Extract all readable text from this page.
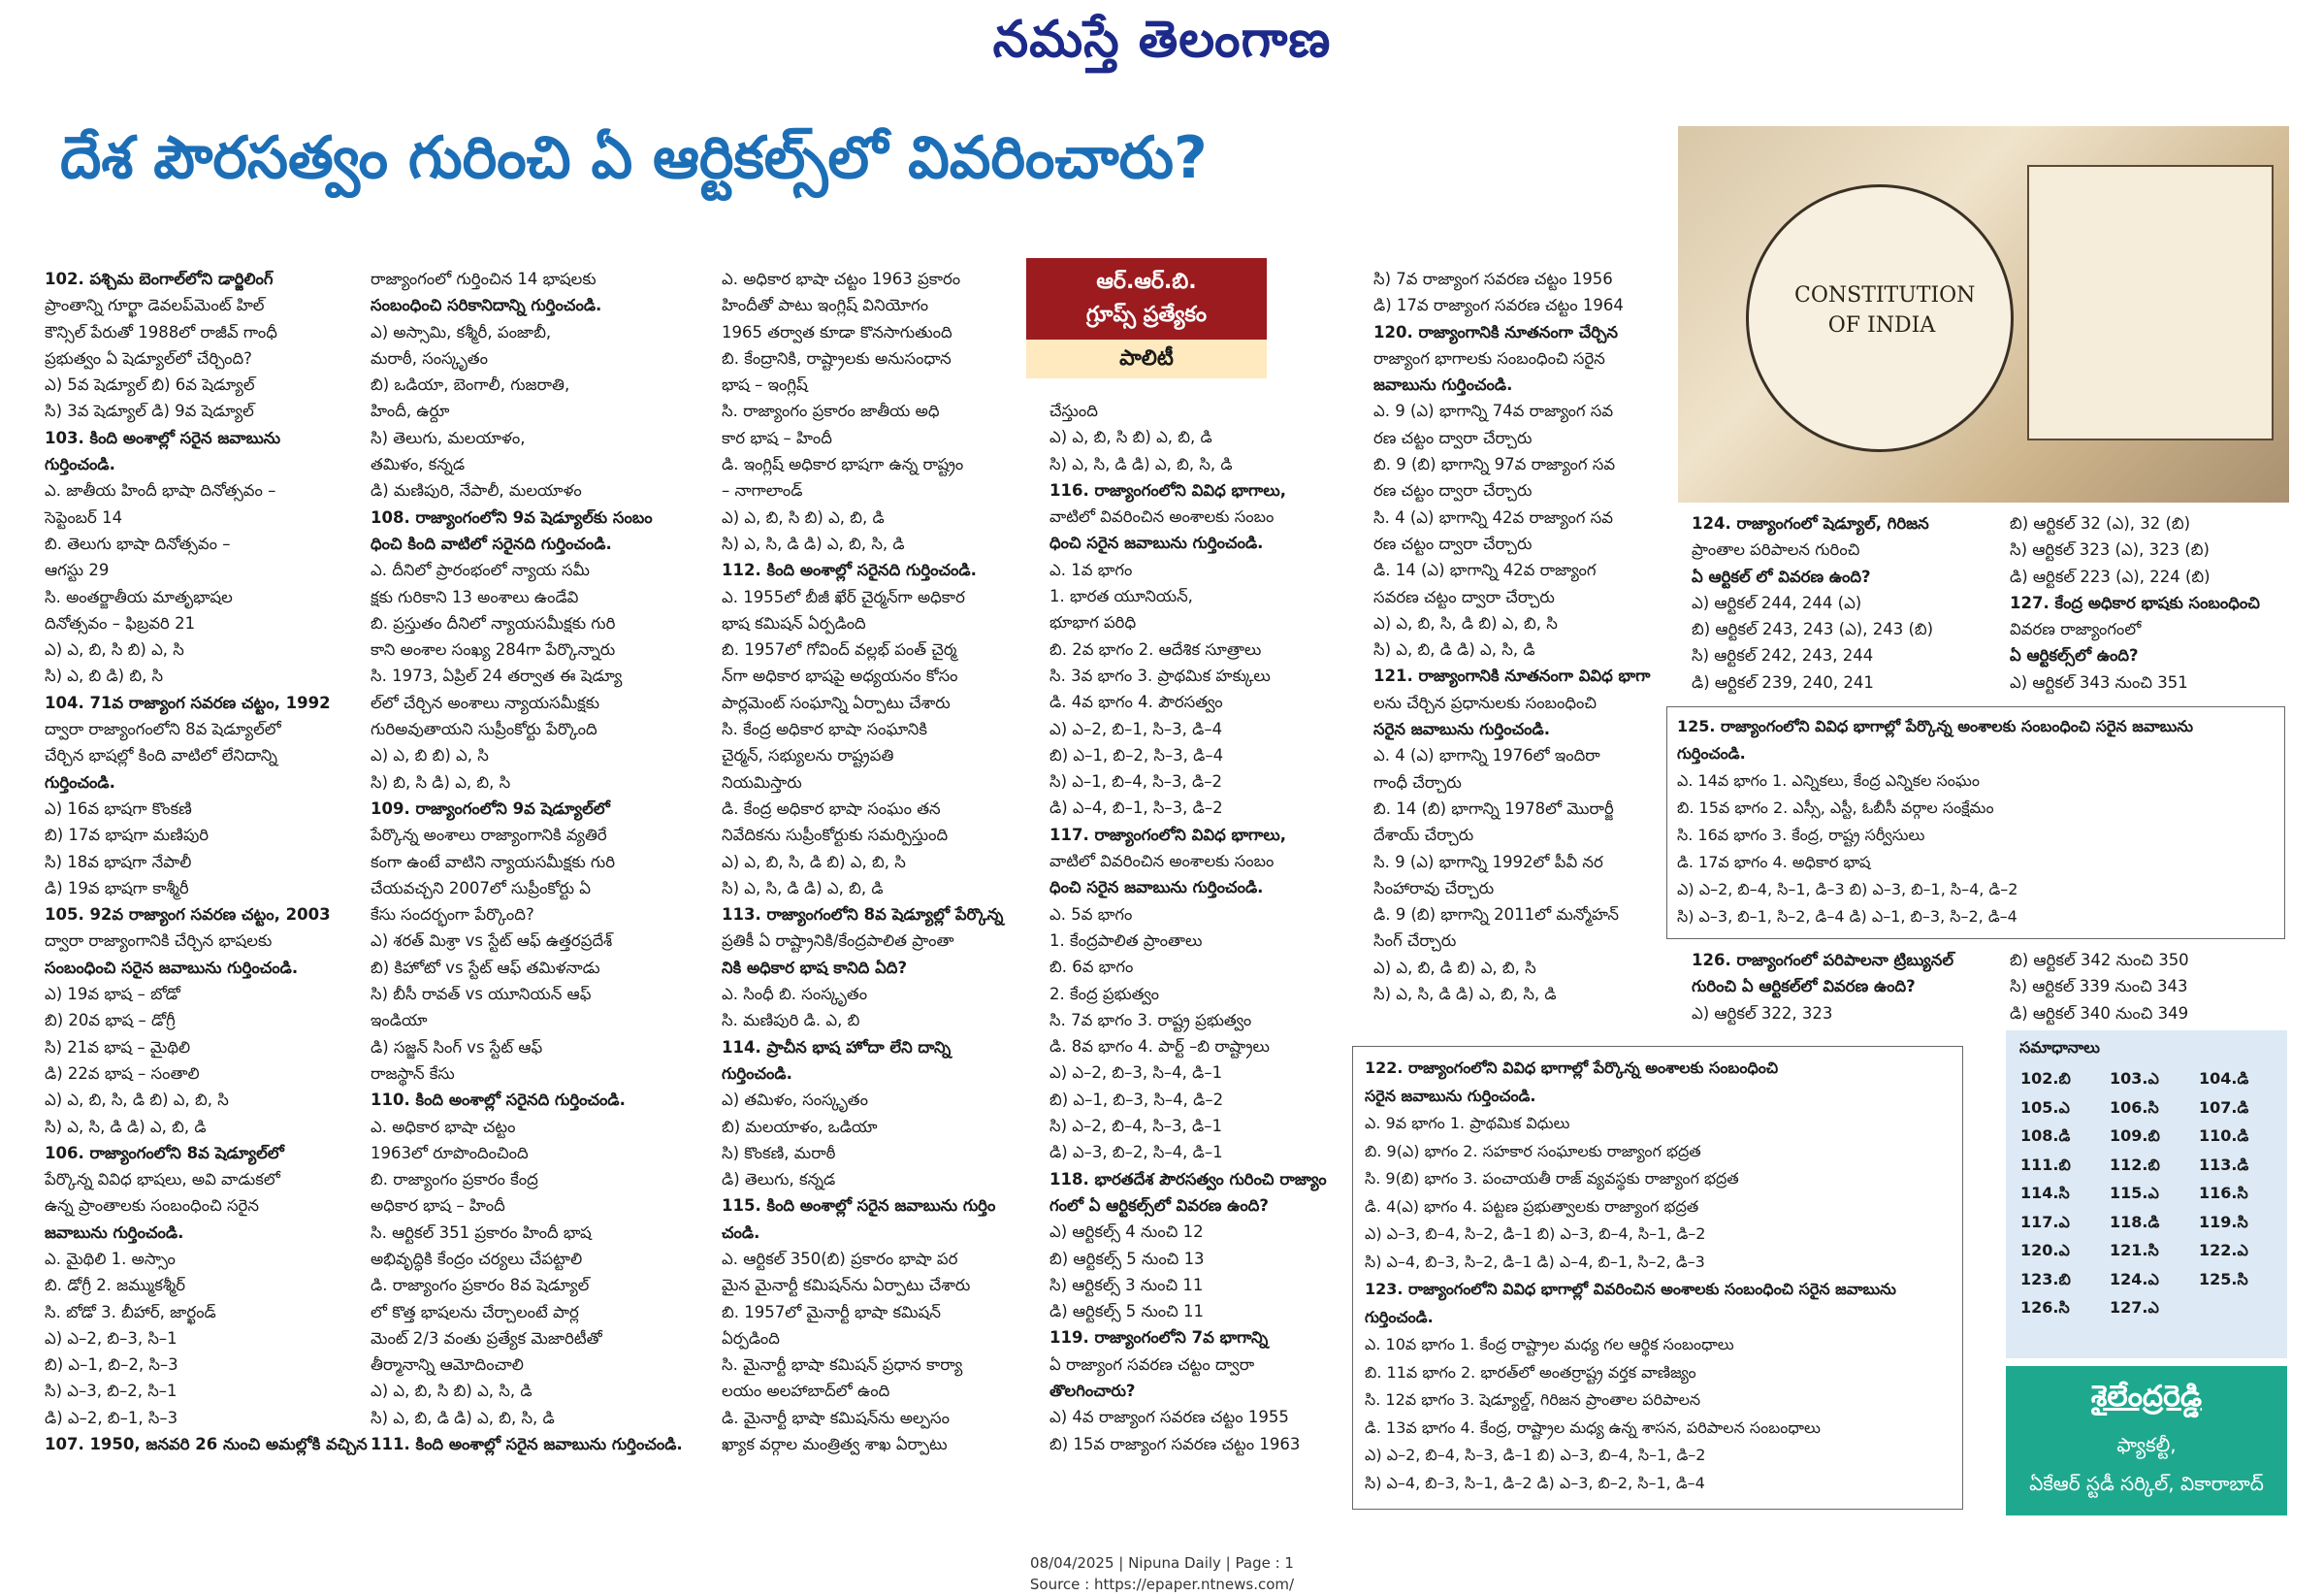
నమస్తే తెలంగాణ
దేశ పౌరసత్వం గురించి ఏ ఆర్టికల్స్‌లో వివరించారు?
CONSTITUTION OF INDIA
ఆర్.ఆర్.బి.
గ్రూప్స్ ప్రత్యేకం
పాలిటీ

102. పశ్చిమ బెంగాల్‌లోని డార్జిలింగ్

ప్రాంతాన్ని గూర్ఖా డెవలప్‌మెంట్ హిల్

కౌన్సిల్ పేరుతో 1988లో రాజీవ్ గాంధీ

ప్రభుత్వం ఏ షెడ్యూల్‌లో చేర్చింది?

ఎ) 5వ షెడ్యూల్ బి) 6వ షెడ్యూల్

సి) 3వ షెడ్యూల్ డి) 9వ షెడ్యూల్

103. కింది అంశాల్లో సరైన జవాబును

గుర్తించండి.

ఎ. జాతీయ హిందీ భాషా దినోత్సవం –

సెప్టెంబర్ 14

బి. తెలుగు భాషా దినోత్సవం –

ఆగస్టు 29

సి. అంతర్జాతీయ మాతృభాషల

దినోత్సవం – ఫిబ్రవరి 21

ఎ) ఎ, బి, సి బి) ఎ, సి

సి) ఎ, బి డి) బి, సి

104. 71వ రాజ్యాంగ సవరణ చట్టం, 1992

ద్వారా రాజ్యాంగంలోని 8వ షెడ్యూల్‌లో

చేర్చిన భాషల్లో కింది వాటిలో లేనిదాన్ని

గుర్తించండి.

ఎ) 16వ భాషగా కొంకణి

బి) 17వ భాషగా మణిపురి

సి) 18వ భాషగా నేపాలీ

డి) 19వ భాషగా కాశ్మీరీ

105. 92వ రాజ్యాంగ సవరణ చట్టం, 2003

ద్వారా రాజ్యాంగానికి చేర్చిన భాషలకు

సంబంధించి సరైన జవాబును గుర్తించండి.

ఎ) 19వ భాష – బోడో

బి) 20వ భాష – డోగ్రీ

సి) 21వ భాష – మైథిలి

డి) 22వ భాష – సంతాలి

ఎ) ఎ, బి, సి, డి బి) ఎ, బి, సి

సి) ఎ, సి, డి డి) ఎ, బి, డి

106. రాజ్యాంగంలోని 8వ షెడ్యూల్‌లో

పేర్కొన్న వివిధ భాషలు, అవి వాడుకలో

ఉన్న ప్రాంతాలకు సంబంధించి సరైన

జవాబును గుర్తించండి.

ఎ. మైథిలి 1. అస్సాం

బి. డోగ్రీ 2. జమ్ముకశ్మీర్

సి. బోడో 3. బీహార్, జార్ఖండ్

ఎ) ఎ–2, బి–3, సి–1

బి) ఎ–1, బి–2, సి–3

సి) ఎ–3, బి–2, సి–1

డి) ఎ–2, బి–1, సి–3

107. 1950, జనవరి 26 నుంచి అమల్లోకి వచ్చిన

రాజ్యాంగంలో గుర్తించిన 14 భాషలకు

సంబంధించి సరికానిదాన్ని గుర్తించండి.

ఎ) అస్సామి, కశ్మీరీ, పంజాబీ,

మరాఠీ, సంస్కృతం

బి) ఒడియా, బెంగాలీ, గుజరాతి,

హిందీ, ఉర్దూ

సి) తెలుగు, మలయాళం,

తమిళం, కన్నడ

డి) మణిపురి, నేపాలీ, మలయాళం

108. రాజ్యాంగంలోని 9వ షెడ్యూల్‌కు సంబం

ధించి కింది వాటిలో సరైనది గుర్తించండి.

ఎ. దీనిలో ప్రారంభంలో న్యాయ సమీ

క్షకు గురికాని 13 అంశాలు ఉండేవి

బి. ప్రస్తుతం దీనిలో న్యాయసమీక్షకు గురి

కాని అంశాల సంఖ్య 284గా పేర్కొన్నారు

సి. 1973, ఏప్రిల్ 24 తర్వాత ఈ షెడ్యూ

ల్‌లో చేర్చిన అంశాలు న్యాయసమీక్షకు

గురిఅవుతాయని సుప్రీంకోర్టు పేర్కొంది

ఎ) ఎ, బి బి) ఎ, సి

సి) బి, సి డి) ఎ, బి, సి

109. రాజ్యాంగంలోని 9వ షెడ్యూల్‌లో

పేర్కొన్న అంశాలు రాజ్యాంగానికి వ్యతిరే

కంగా ఉంటే వాటిని న్యాయసమీక్షకు గురి

చేయవచ్చని 2007లో సుప్రీంకోర్టు ఏ

కేసు సందర్భంగా పేర్కొంది?

ఎ) శరత్ మిశ్రా vs స్టేట్ ఆఫ్ ఉత్తరప్రదేశ్

బి) కిహోటో vs స్టేట్ ఆఫ్ తమిళనాడు

సి) బీసీ రావత్ vs యూనియన్ ఆఫ్

ఇండియా

డి) సజ్జన్ సింగ్ vs స్టేట్ ఆఫ్

రాజస్థాన్ కేసు

110. కింది అంశాల్లో సరైనది గుర్తించండి.

ఎ. అధికార భాషా చట్టం

1963లో రూపొందించింది

బి. రాజ్యాంగం ప్రకారం కేంద్ర

అధికార భాష – హిందీ

సి. ఆర్టికల్ 351 ప్రకారం హిందీ భాష

అభివృద్ధికి కేంద్రం చర్యలు చేపట్టాలి

డి. రాజ్యాంగం ప్రకారం 8వ షెడ్యూల్

లో కొత్త భాషలను చేర్చాలంటే పార్ల

మెంట్ 2/3 వంతు ప్రత్యేక మెజారిటీతో

తీర్మానాన్ని ఆమోదించాలి

ఎ) ఎ, బి, సి బి) ఎ, సి, డి

సి) ఎ, బి, డి డి) ఎ, బి, సి, డి

111. కింది అంశాల్లో సరైన జవాబును గుర్తించండి.

ఎ. అధికార భాషా చట్టం 1963 ప్రకారం

హిందీతో పాటు ఇంగ్లిష్ వినియోగం

1965 తర్వాత కూడా కొనసాగుతుంది

బి. కేంద్రానికి, రాష్ట్రాలకు అనుసంధాన

భాష – ఇంగ్లిష్

సి. రాజ్యాంగం ప్రకారం జాతీయ అధి

కార భాష – హిందీ

డి. ఇంగ్లిష్ అధికార భాషగా ఉన్న రాష్ట్రం

– నాగాలాండ్

ఎ) ఎ, బి, సి బి) ఎ, బి, డి

సి) ఎ, సి, డి డి) ఎ, బి, సి, డి

112. కింది అంశాల్లో సరైనది గుర్తించండి.

ఎ. 1955లో బీజీ ఖేర్ చైర్మన్‌గా అధికార

భాష కమిషన్ ఏర్పడింది

బి. 1957లో గోవింద్ వల్లభ్ పంత్ చైర్మ

న్‌గా అధికార భాషపై అధ్యయనం కోసం

పార్లమెంట్ సంఘాన్ని ఏర్పాటు చేశారు

సి. కేంద్ర అధికార భాషా సంఘానికి

చైర్మన్, సభ్యులను రాష్ట్రపతి

నియమిస్తారు

డి. కేంద్ర అధికార భాషా సంఘం తన

నివేదికను సుప్రీంకోర్టుకు సమర్పిస్తుంది

ఎ) ఎ, బి, సి, డి బి) ఎ, బి, సి

సి) ఎ, సి, డి డి) ఎ, బి, డి

113. రాజ్యాంగంలోని 8వ షెడ్యూల్లో పేర్కొన్న

ప్రతికీ ఏ రాష్ట్రానికి/కేంద్రపాలిత ప్రాంతా

నికి అధికార భాష కానిది ఏది?

ఎ. సింధీ బి. సంస్కృతం

సి. మణిపురి డి. ఎ, బి

114. ప్రాచీన భాష హోదా లేని దాన్ని

గుర్తించండి.

ఎ) తమిళం, సంస్కృతం

బి) మలయాళం, ఒడియా

సి) కొంకణి, మరాఠీ

డి) తెలుగు, కన్నడ

115. కింది అంశాల్లో సరైన జవాబును గుర్తిం

చండి.

ఎ. ఆర్టికల్ 350(బి) ప్రకారం భాషా పర

మైన మైనార్టీ కమిషన్‌ను ఏర్పాటు చేశారు

బి. 1957లో మైనార్టీ భాషా కమిషన్

ఏర్పడింది

సి. మైనార్టీ భాషా కమిషన్ ప్రధాన కార్యా

లయం అలహాబాద్‌లో ఉంది

డి. మైనార్టీ భాషా కమిషన్‌ను అల్పసం

ఖ్యాక వర్గాల మంత్రిత్వ శాఖ ఏర్పాటు

చేస్తుంది

ఎ) ఎ, బి, సి బి) ఎ, బి, డి

సి) ఎ, సి, డి డి) ఎ, బి, సి, డి

116. రాజ్యాంగంలోని వివిధ భాగాలు,

వాటిలో వివరించిన అంశాలకు సంబం

ధించి సరైన జవాబును గుర్తించండి.

ఎ. 1వ భాగం

1. భారత యూనియన్,

భూభాగ పరిధి

బి. 2వ భాగం 2. ఆదేశిక సూత్రాలు

సి. 3వ భాగం 3. ప్రాథమిక హక్కులు

డి. 4వ భాగం 4. పౌరసత్వం

ఎ) ఎ–2, బి–1, సి–3, డి–4

బి) ఎ–1, బి–2, సి–3, డి–4

సి) ఎ–1, బి–4, సి–3, డి–2

డి) ఎ–4, బి–1, సి–3, డి–2

117. రాజ్యాంగంలోని వివిధ భాగాలు,

వాటిలో వివరించిన అంశాలకు సంబం

ధించి సరైన జవాబును గుర్తించండి.

ఎ. 5వ భాగం

1. కేంద్రపాలిత ప్రాంతాలు

బి. 6వ భాగం

2. కేంద్ర ప్రభుత్వం

సి. 7వ భాగం 3. రాష్ట్ర ప్రభుత్వం

డి. 8వ భాగం 4. పార్ట్ –బి రాష్ట్రాలు

ఎ) ఎ–2, బి–3, సి–4, డి–1

బి) ఎ–1, బి–3, సి–4, డి–2

సి) ఎ–2, బి–4, సి–3, డి–1

డి) ఎ–3, బి–2, సి–4, డి–1

118. భారతదేశ పౌరసత్వం గురించి రాజ్యాం

గంలో ఏ ఆర్టికల్స్‌లో వివరణ ఉంది?

ఎ) ఆర్టికల్స్ 4 నుంచి 12

బి) ఆర్టికల్స్ 5 నుంచి 13

సి) ఆర్టికల్స్ 3 నుంచి 11

డి) ఆర్టికల్స్ 5 నుంచి 11

119. రాజ్యాంగంలోని 7వ భాగాన్ని

ఏ రాజ్యాంగ సవరణ చట్టం ద్వారా

తొలగించారు?

ఎ) 4వ రాజ్యాంగ సవరణ చట్టం 1955

బి) 15వ రాజ్యాంగ సవరణ చట్టం 1963

సి) 7వ రాజ్యాంగ సవరణ చట్టం 1956

డి) 17వ రాజ్యాంగ సవరణ చట్టం 1964

120. రాజ్యాంగానికి నూతనంగా చేర్చిన

రాజ్యాంగ భాగాలకు సంబంధించి సరైన

జవాబును గుర్తించండి.

ఎ. 9 (ఎ) భాగాన్ని 74వ రాజ్యాంగ సవ

రణ చట్టం ద్వారా చేర్చారు

బి. 9 (బి) భాగాన్ని 97వ రాజ్యాంగ సవ

రణ చట్టం ద్వారా చేర్చారు

సి. 4 (ఎ) భాగాన్ని 42వ రాజ్యాంగ సవ

రణ చట్టం ద్వారా చేర్చారు

డి. 14 (ఎ) భాగాన్ని 42వ రాజ్యాంగ

సవరణ చట్టం ద్వారా చేర్చారు

ఎ) ఎ, బి, సి, డి బి) ఎ, బి, సి

సి) ఎ, బి, డి డి) ఎ, సి, డి

121. రాజ్యాంగానికి నూతనంగా వివిధ భాగా

లను చేర్చిన ప్రధానులకు సంబంధించి

సరైన జవాబును గుర్తించండి.

ఎ. 4 (ఎ) భాగాన్ని 1976లో ఇందిరా

గాంధీ చేర్చారు

బి. 14 (బి) భాగాన్ని 1978లో మొరార్జీ

దేశాయ్ చేర్చారు

సి. 9 (ఎ) భాగాన్ని 1992లో పీవీ నర

సింహారావు చేర్చారు

డి. 9 (బి) భాగాన్ని 2011లో మన్మోహన్

సింగ్ చేర్చారు

ఎ) ఎ, బి, డి బి) ఎ, బి, సి

సి) ఎ, సి, డి డి) ఎ, బి, సి, డి

124. రాజ్యాంగంలో షెడ్యూల్, గిరిజన

ప్రాంతాల పరిపాలన గురించి

ఏ ఆర్టికల్ లో వివరణ ఉంది?

ఎ) ఆర్టికల్ 244, 244 (ఎ)

బి) ఆర్టికల్ 243, 243 (ఎ), 243 (బి)

సి) ఆర్టికల్ 242, 243, 244

డి) ఆర్టికల్ 239, 240, 241

బి) ఆర్టికల్ 32 (ఎ), 32 (బి)

సి) ఆర్టికల్ 323 (ఎ), 323 (బి)

డి) ఆర్టికల్ 223 (ఎ), 224 (బి)

127. కేంద్ర అధికార భాషకు సంబంధించి

వివరణ రాజ్యాంగంలో

ఏ ఆర్టికల్స్‌లో ఉంది?

ఎ) ఆర్టికల్ 343 నుంచి 351

125. రాజ్యాంగంలోని వివిధ భాగాల్లో పేర్కొన్న అంశాలకు సంబంధించి సరైన జవాబును

గుర్తించండి.

ఎ. 14వ భాగం 1. ఎన్నికలు, కేంద్ర ఎన్నికల సంఘం

బి. 15వ భాగం 2. ఎస్సీ, ఎస్టీ, ఓబీసీ వర్గాల సంక్షేమం

సి. 16వ భాగం 3. కేంద్ర, రాష్ట్ర సర్వీసులు

డి. 17వ భాగం 4. అధికార భాష

ఎ) ఎ–2, బి–4, సి–1, డి–3 బి) ఎ–3, బి–1, సి–4, డి–2

సి) ఎ–3, బి–1, సి–2, డి–4 డి) ఎ–1, బి–3, సి–2, డి–4

126. రాజ్యాంగంలో పరిపాలనా ట్రిబ్యునల్

గురించి ఏ ఆర్టికల్‌లో వివరణ ఉంది?

ఎ) ఆర్టికల్ 322, 323

బి) ఆర్టికల్ 342 నుంచి 350

సి) ఆర్టికల్ 339 నుంచి 343

డి) ఆర్టికల్ 340 నుంచి 349

122. రాజ్యాంగంలోని వివిధ భాగాల్లో పేర్కొన్న అంశాలకు సంబంధించి

సరైన జవాబును గుర్తించండి.

ఎ. 9వ భాగం 1. ప్రాథమిక విధులు

బి. 9(ఎ) భాగం 2. సహకార సంఘాలకు రాజ్యాంగ భద్రత

సి. 9(బి) భాగం 3. పంచాయతీ రాజ్ వ్యవస్థకు రాజ్యాంగ భద్రత

డి. 4(ఎ) భాగం 4. పట్టణ ప్రభుత్వాలకు రాజ్యాంగ భద్రత

ఎ) ఎ–3, బి–4, సి–2, డి–1 బి) ఎ–3, బి–4, సి–1, డి–2

సి) ఎ–4, బి–3, సి–2, డి–1 డి) ఎ–4, బి–1, సి–2, డి–3

123. రాజ్యాంగంలోని వివిధ భాగాల్లో వివరించిన అంశాలకు సంబంధించి సరైన జవాబును

గుర్తించండి.

ఎ. 10వ భాగం 1. కేంద్ర రాష్ట్రాల మధ్య గల ఆర్థిక సంబంధాలు

బి. 11వ భాగం 2. భారత్‌లో అంతర్రాష్ట్ర వర్తక వాణిజ్యం

సి. 12వ భాగం 3. షెడ్యూల్డ్, గిరిజన ప్రాంతాల పరిపాలన

డి. 13వ భాగం 4. కేంద్ర, రాష్ట్రాల మధ్య ఉన్న శాసన, పరిపాలన సంబంధాలు

ఎ) ఎ–2, బి–4, సి–3, డి–1 బి) ఎ–3, బి–4, సి–1, డి–2

సి) ఎ–4, బి–3, సి–1, డి–2 డి) ఎ–3, బి–2, సి–1, డి–4

సమాధానాలు
102.బి	103.ఎ	104.డి
105.ఎ	106.సి	107.డి
108.డి	109.బి	110.డి
111.బి	112.బి	113.డి
114.సి	115.ఎ	116.సి
117.ఎ	118.డి	119.సి
120.ఎ	121.సి	122.ఎ
123.బి	124.ఎ	125.సి
126.సి	127.ఎ	
శైలేంద్రరెడ్డి
ఫ్యాకల్టీ,
ఏకేఆర్ స్టడీ సర్కిల్, వికారాబాద్
08/04/2025 | Nipuna Daily | Page : 1
Source : https://epaper.ntnews.com/
